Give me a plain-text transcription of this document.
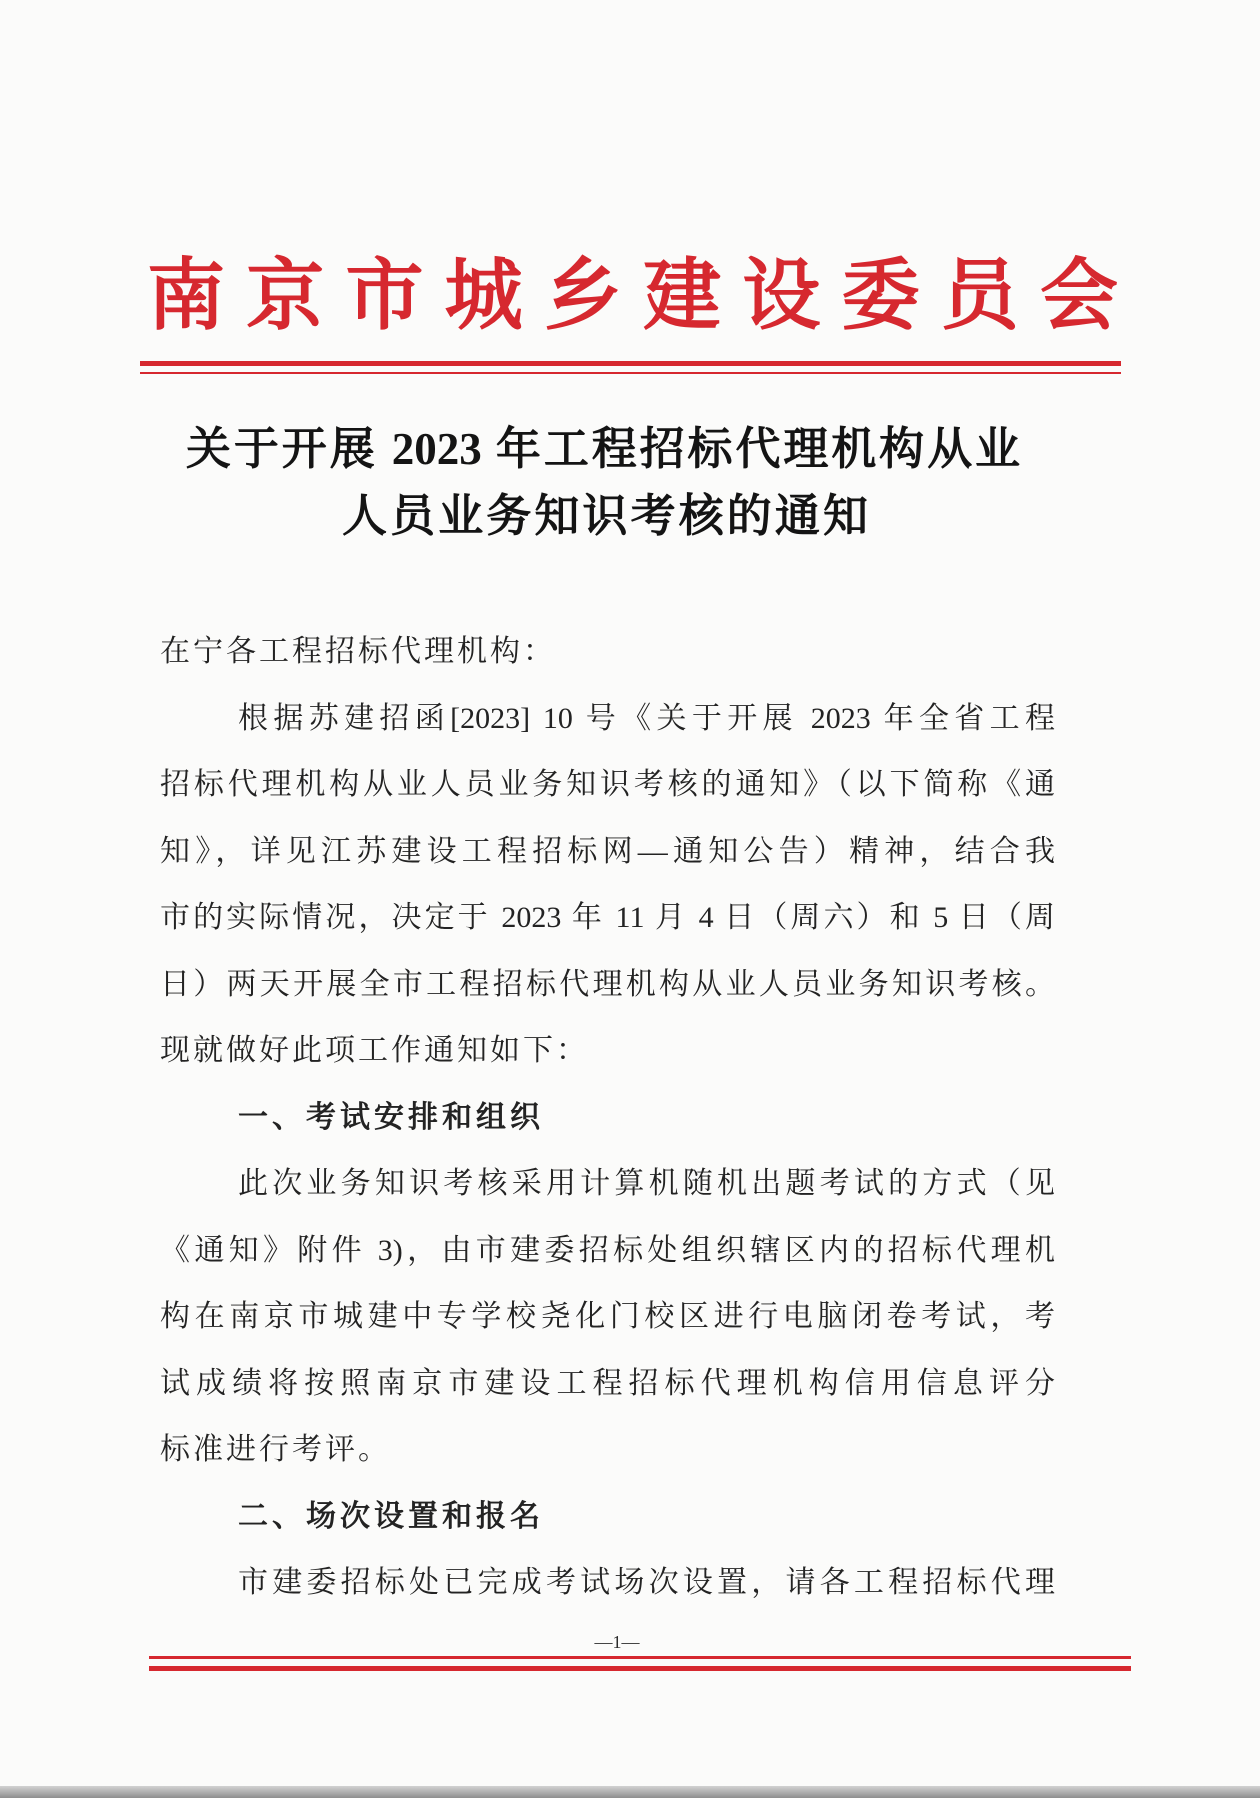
南京市城乡建设委员会
关于开展 2023 年工程招标代理机构从业
人员业务知识考核的通知
在宁各工程招标代理机构：
根据苏建招函[2023] 10 号《关于开展 2023 年全省工程
招标代理机构从业人员业务知识考核的通知》（以下简称《通
知》，详见江苏建设工程招标网—通知公告）精神，结合我
市的实际情况，决定于 2023 年 11 月 4 日（周六）和 5 日（周
日）两天开展全市工程招标代理机构从业人员业务知识考核。
现就做好此项工作通知如下：
一、考试安排和组织
此次业务知识考核采用计算机随机出题考试的方式（见
《通知》附件 3)，由市建委招标处组织辖区内的招标代理机
构在南京市城建中专学校尧化门校区进行电脑闭卷考试，考
试成绩将按照南京市建设工程招标代理机构信用信息评分
标准进行考评。
二、场次设置和报名
市建委招标处已完成考试场次设置，请各工程招标代理
—1—
